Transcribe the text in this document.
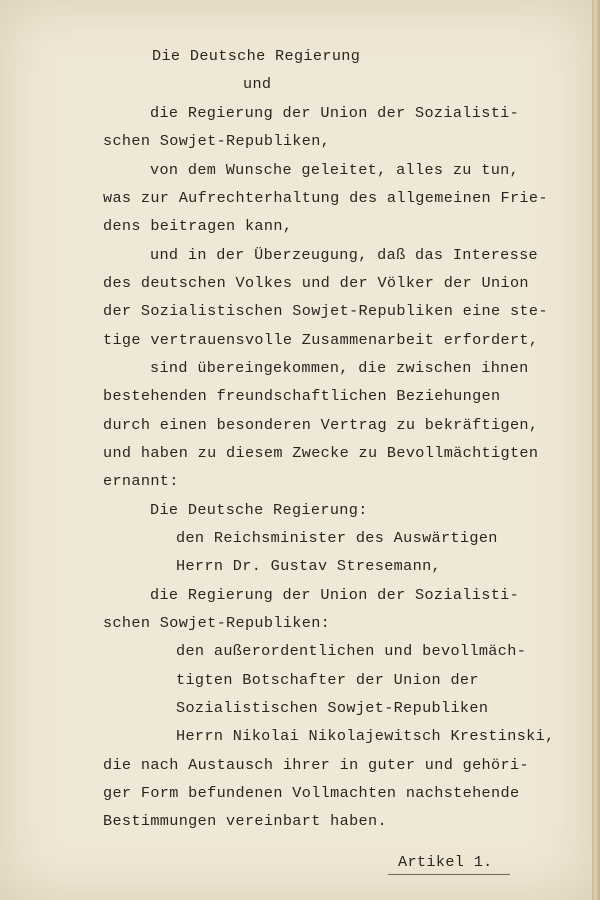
Die Deutsche Regierung
und
die Regierung der Union der Sozialisti-
schen Sowjet-Republiken,
von dem Wunsche geleitet, alles zu tun,
was zur Aufrechterhaltung des allgemeinen Frie-
dens beitragen kann,
und in der Überzeugung, daß das Interesse
des deutschen Volkes und der Völker der Union
der Sozialistischen Sowjet-Republiken eine ste-
tige vertrauensvolle Zusammenarbeit erfordert,
sind übereingekommen, die zwischen ihnen
bestehenden freundschaftlichen Beziehungen
durch einen besonderen Vertrag zu bekräftigen,
und haben zu diesem Zwecke zu Bevollmächtigten
ernannt:
Die Deutsche Regierung:
den Reichsminister des Auswärtigen
Herrn Dr. Gustav Stresemann,
die Regierung der Union der Sozialisti-
schen Sowjet-Republiken:
den außerordentlichen und bevollmäch-
tigten Botschafter der Union der
Sozialistischen Sowjet-Republiken
Herrn Nikolai Nikolajewitsch Krestinski,
die nach Austausch ihrer in guter und gehöri-
ger Form befundenen Vollmachten nachstehende
Bestimmungen vereinbart haben.
Artikel 1.
